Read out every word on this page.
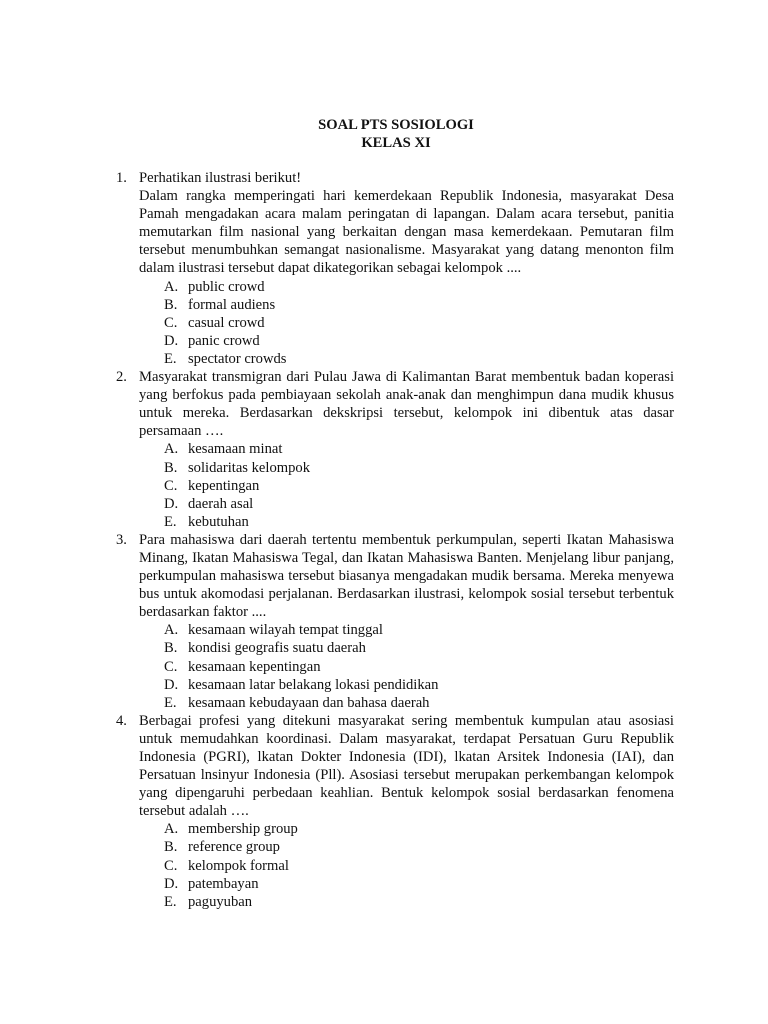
SOAL PTS SOSIOLOGI
KELAS XI
1. Perhatikan ilustrasi berikut!
Dalam rangka memperingati hari kemerdekaan Republik Indonesia, masyarakat Desa Pamah mengadakan acara malam peringatan di lapangan. Dalam acara tersebut, panitia memutarkan film nasional yang berkaitan dengan masa kemerdekaan. Pemutaran film tersebut menumbuhkan semangat nasionalisme. Masyarakat yang datang menonton film dalam ilustrasi tersebut dapat dikategorikan sebagai kelompok ....
A. public crowd
B. formal audiens
C. casual crowd
D. panic crowd
E. spectator crowds
2. Masyarakat transmigran dari Pulau Jawa di Kalimantan Barat membentuk badan koperasi yang berfokus pada pembiayaan sekolah anak-anak dan menghimpun dana mudik khusus untuk mereka. Berdasarkan dekskripsi tersebut, kelompok ini dibentuk atas dasar persamaan ….
A. kesamaan minat
B. solidaritas kelompok
C. kepentingan
D. daerah asal
E. kebutuhan
3. Para mahasiswa dari daerah tertentu membentuk perkumpulan, seperti Ikatan Mahasiswa Minang, Ikatan Mahasiswa Tegal, dan Ikatan Mahasiswa Banten. Menjelang libur panjang, perkumpulan mahasiswa tersebut biasanya mengadakan mudik bersama. Mereka menyewa bus untuk akomodasi perjalanan. Berdasarkan ilustrasi, kelompok sosial tersebut terbentuk berdasarkan faktor ....
A. kesamaan wilayah tempat tinggal
B. kondisi geografis suatu daerah
C. kesamaan kepentingan
D. kesamaan latar belakang lokasi pendidikan
E. kesamaan kebudayaan dan bahasa daerah
4. Berbagai profesi yang ditekuni masyarakat sering membentuk kumpulan atau asosiasi untuk memudahkan koordinasi. Dalam masyarakat, terdapat Persatuan Guru Republik Indonesia (PGRI), lkatan Dokter Indonesia (IDI), lkatan Arsitek Indonesia (IAI), dan Persatuan lnsinyur Indonesia (Pll). Asosiasi tersebut merupakan perkembangan kelompok yang dipengaruhi perbedaan keahlian. Bentuk kelompok sosial berdasarkan fenomena tersebut adalah ….
A. membership group
B. reference group
C. kelompok formal
D. patembayan
E. paguyuban
